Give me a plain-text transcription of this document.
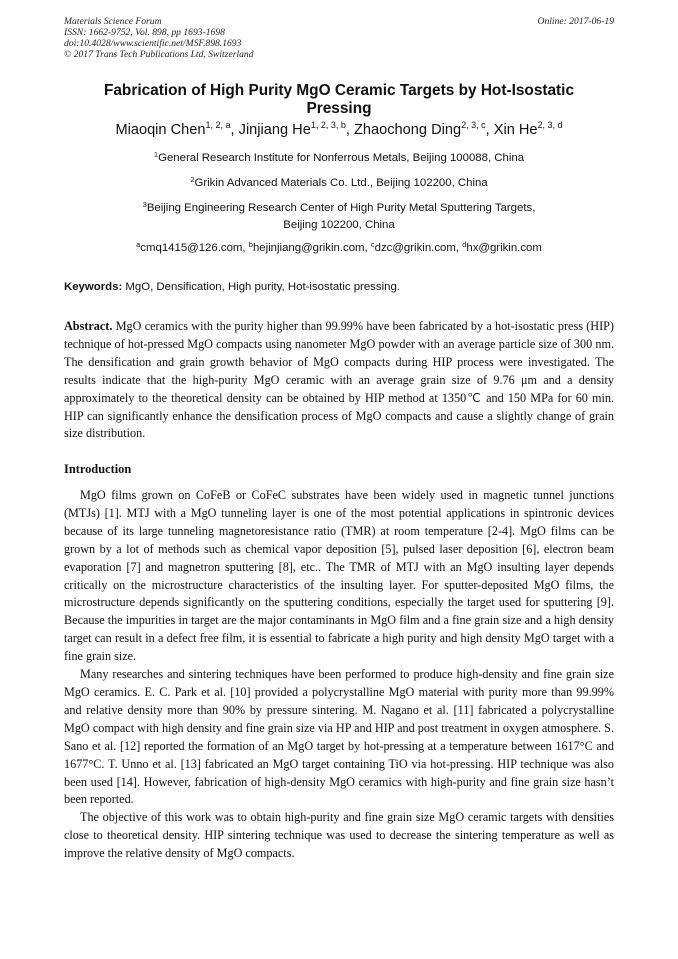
Materials Science Forum
ISSN: 1662-9752, Vol. 898, pp 1693-1698
doi:10.4028/www.scientific.net/MSF.898.1693
© 2017 Trans Tech Publications Ltd, Switzerland
Online: 2017-06-19
Fabrication of High Purity MgO Ceramic Targets by Hot-Isostatic Pressing
Miaoqin Chen$^{1, 2, a}$, Jinjiang He$^{1, 2, 3, b}$, Zhaochong Ding$^{2, 3, c}$, Xin He$^{2, 3, d}$
$^1$General Research Institute for Nonferrous Metals, Beijing 100088, China
$^2$Grikin Advanced Materials Co. Ltd., Beijing 102200, China
$^3$Beijing Engineering Research Center of High Purity Metal Sputtering Targets,
Beijing 102200, China
$^a$cmq1415@126.com, $^b$hejinjiang@grikin.com, $^c$dzc@grikin.com, $^d$hx@grikin.com
Keywords: MgO, Densification, High purity, Hot-isostatic pressing.

Abstract. MgO ceramics with the purity higher than 99.99% have been fabricated by a hot-isostatic press (HIP) technique of hot-pressed MgO compacts using nanometer MgO powder with an average particle size of 300 nm. The densification and grain growth behavior of MgO compacts during HIP process were investigated. The results indicate that the high-purity MgO ceramic with an average grain size of 9.76 μm and a density approximately to the theoretical density can be obtained by HIP method at 1350℃ and 150 MPa for 60 min. HIP can significantly enhance the densification process of MgO compacts and cause a slightly change of grain size distribution.

Introduction

MgO films grown on CoFeB or CoFeC substrates have been widely used in magnetic tunnel junctions (MTJs) [1]. MTJ with a MgO tunneling layer is one of the most potential applications in spintronic devices because of its large tunneling magnetoresistance ratio (TMR) at room temperature [2-4]. MgO films can be grown by a lot of methods such as chemical vapor deposition [5], pulsed laser deposition [6], electron beam evaporation [7] and magnetron sputtering [8], etc.. The TMR of MTJ with an MgO insulting layer depends critically on the microstructure characteristics of the insulting layer. For sputter-deposited MgO films, the microstructure depends significantly on the sputtering conditions, especially the target used for sputtering [9]. Because the impurities in target are the major contaminants in MgO film and a fine grain size and a high density target can result in a defect free film, it is essential to fabricate a high purity and high density MgO target with a fine grain size.

Many researches and sintering techniques have been performed to produce high-density and fine grain size MgO ceramics. E. C. Park et al. [10] provided a polycrystalline MgO material with purity more than 99.99% and relative density more than 90% by pressure sintering. M. Nagano et al. [11] fabricated a polycrystalline MgO compact with high density and fine grain size via HP and HIP and post treatment in oxygen atmosphere. S. Sano et al. [12] reported the formation of an MgO target by hot-pressing at a temperature between 1617°C and 1677°C. T. Unno et al. [13] fabricated an MgO target containing TiO via hot-pressing. HIP technique was also been used [14]. However, fabrication of high-density MgO ceramics with high-purity and fine grain size hasn’t been reported.

The objective of this work was to obtain high-purity and fine grain size MgO ceramic targets with densities close to theoretical density. HIP sintering technique was used to decrease the sintering temperature as well as improve the relative density of MgO compacts.
